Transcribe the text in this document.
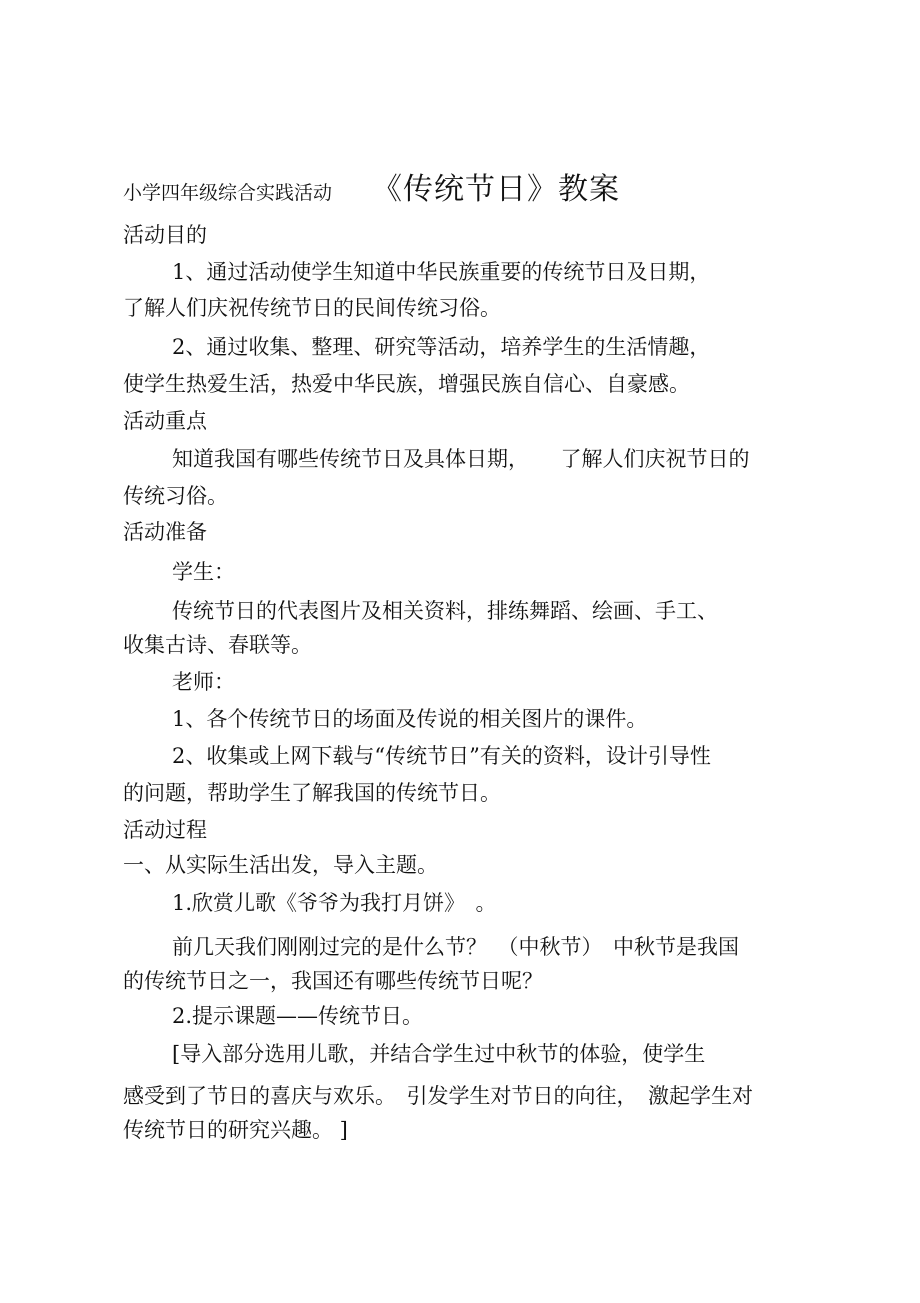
小学四年级综合实践活动 《传统节日》教案

活动目的

1、通过活动使学生知道中华民族重要的传统节日及日期，

了解人们庆祝传统节日的民间传统习俗。

2、通过收集、整理、研究等活动，培养学生的生活情趣，

使学生热爱生活，热爱中华民族，增强民族自信心、自豪感。

活动重点

知道我国有哪些传统节日及具体日期，　　了解人们庆祝节日的

传统习俗。

活动准备

学生：

传统节日的代表图片及相关资料，排练舞蹈、绘画、手工、

收集古诗、春联等。

老师：

1、各个传统节日的场面及传说的相关图片的课件。

2、收集或上网下载与“传统节日”有关的资料，设计引导性

的问题，帮助学生了解我国的传统节日。

活动过程

一、从实际生活出发，导入主题。

1.欣赏儿歌《爷爷为我打月饼》　。

前几天我们刚刚过完的是什么节？　（中秋节）　中秋节是我国

的传统节日之一，我国还有哪些传统节日呢？

2.提示课题——传统节日。

[导入部分选用儿歌，并结合学生过中秋节的体验，使学生

感受到了节日的喜庆与欢乐。　引发学生对节日的向往，　激起学生对

传统节日的研究兴趣。 ]
